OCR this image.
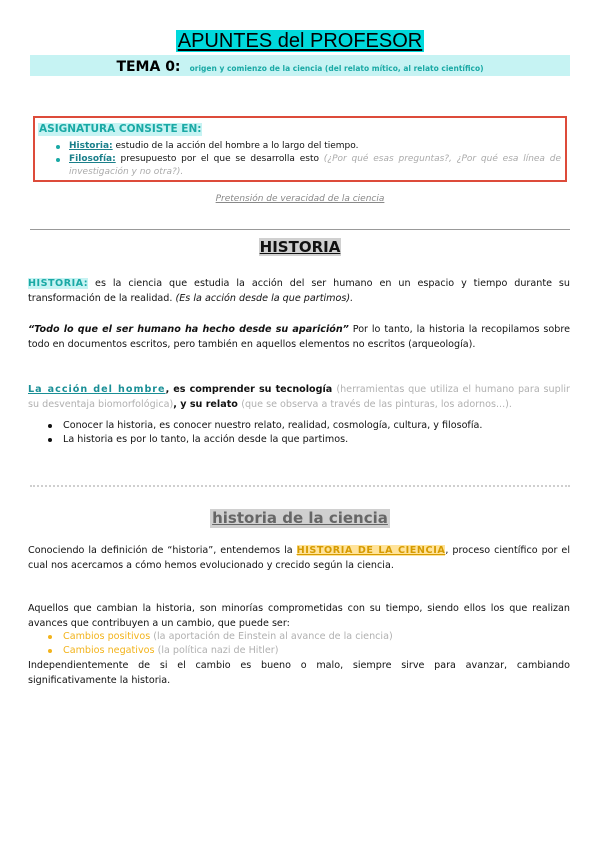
APUNTES del PROFESOR
TEMA 0: origen y comienzo de la ciencia (del relato mítico, al relato científico)
ASIGNATURA CONSISTE EN:
Historia: estudio de la acción del hombre a lo largo del tiempo.
Filosofía: presupuesto por el que se desarrolla esto (¿Por qué esas preguntas?, ¿Por qué esa línea de investigación y no otra?).
Pretensión de veracidad de la ciencia
HISTORIA
HISTORIA: es la ciencia que estudia la acción del ser humano en un espacio y tiempo durante su transformación de la realidad. (Es la acción desde la que partimos).
“Todo lo que el ser humano ha hecho desde su aparición” Por lo tanto, la historia la recopilamos sobre todo en documentos escritos, pero también en aquellos elementos no escritos (arqueología).
La acción del hombre, es comprender su tecnología (herramientas que utiliza el humano para suplir su desventaja biomorfológica), y su relato (que se observa a través de las pinturas, los adornos...).
Conocer la historia, es conocer nuestro relato, realidad, cosmología, cultura, y filosofía.
La historia es por lo tanto, la acción desde la que partimos.
historia de la ciencia
Conociendo la definición de “historia”, entendemos la HISTORIA DE LA CIENCIA, proceso científico por el cual nos acercamos a cómo hemos evolucionado y crecido según la ciencia.
Aquellos que cambian la historia, son minorías comprometidas con su tiempo, siendo ellos los que realizan avances que contribuyen a un cambio, que puede ser:
Cambios positivos (la aportación de Einstein al avance de la ciencia)
Cambios negativos (la política nazi de Hitler)
Independientemente de si el cambio es bueno o malo, siempre sirve para avanzar, cambiando significativamente la historia.
